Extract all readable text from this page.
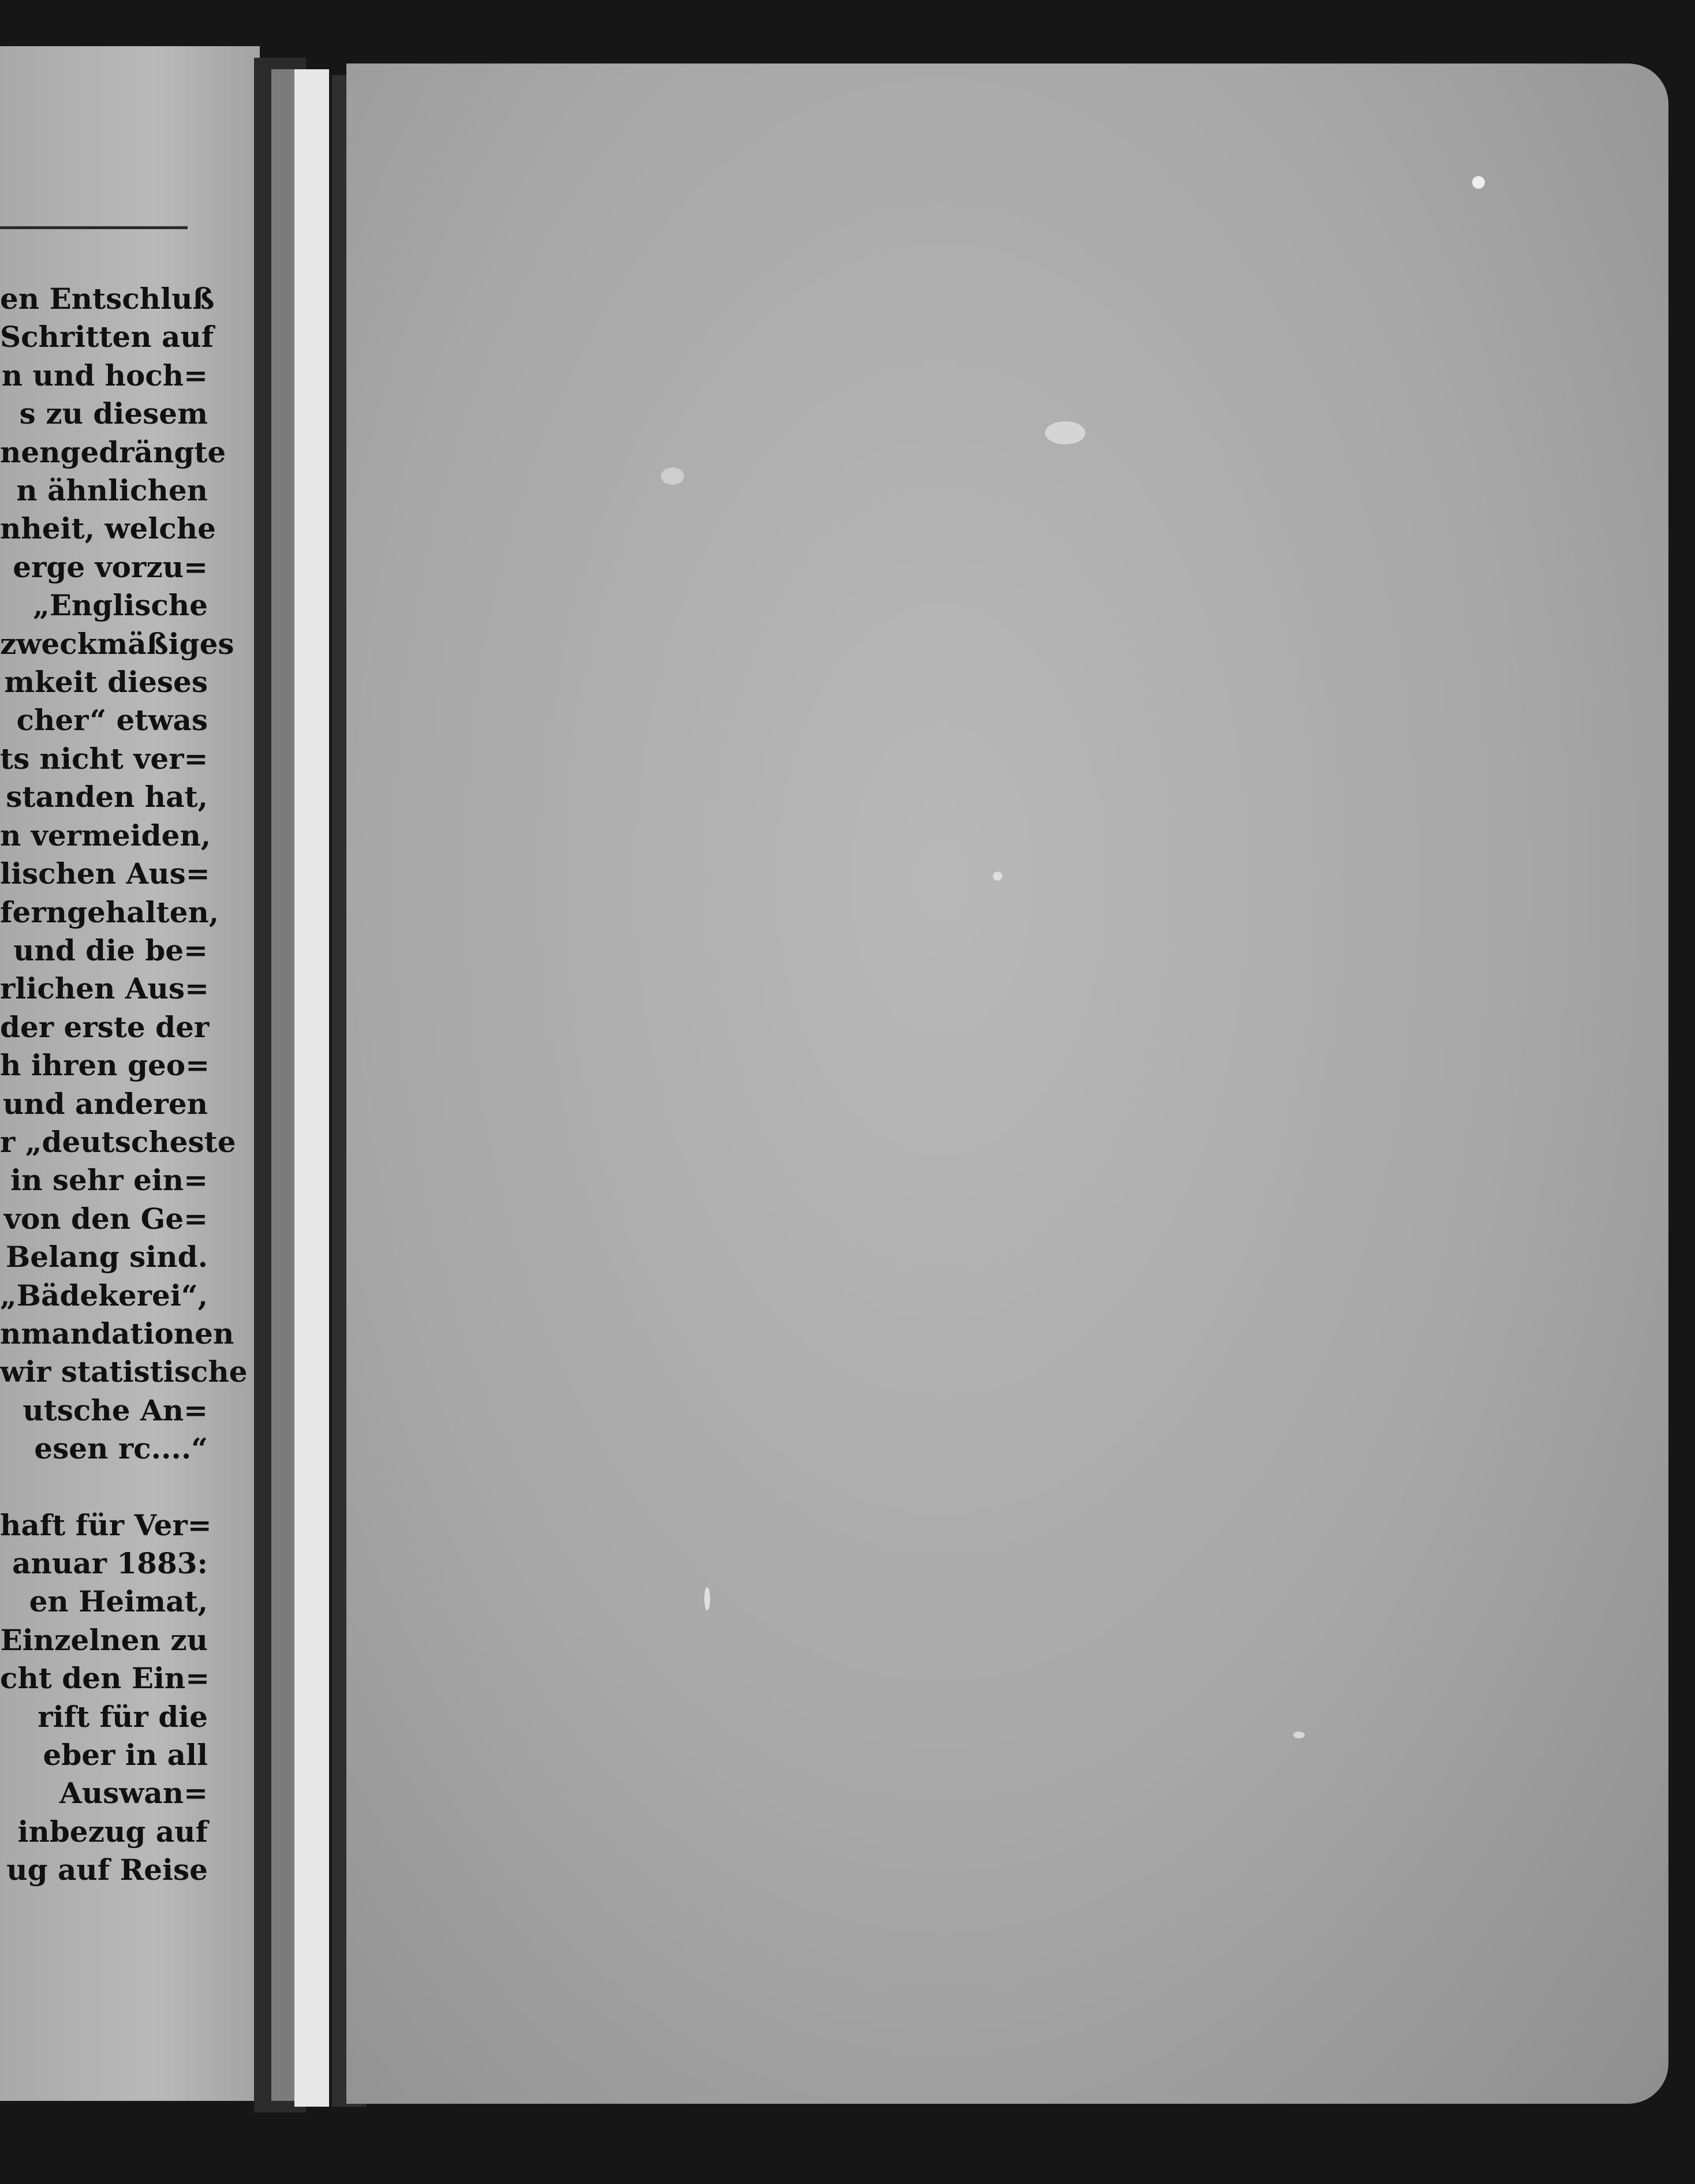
en Entschluß
Schritten auf
n und hoch=
s zu diesem
nengedrängte
n ähnlichen
nheit, welche
erge vorzu=
„Englische
zweckmäßiges
mkeit dieses
cher“ etwas
ts nicht ver=
standen hat,
n vermeiden,
lischen Aus=
ferngehalten,
und die be=
rlichen Aus=
der erste der
h ihren geo=
und anderen
r „deutscheste
in sehr ein=
von den Ge=
Belang sind.
„Bädekerei“,
nmandationen
wir statistische
utsche An=
esen rc....“
haft für Ver=
anuar 1883:
en Heimat,
Einzelnen zu
cht den Ein=
rift für die
eber in all
Auswan=
inbezug auf
ug auf Reise
